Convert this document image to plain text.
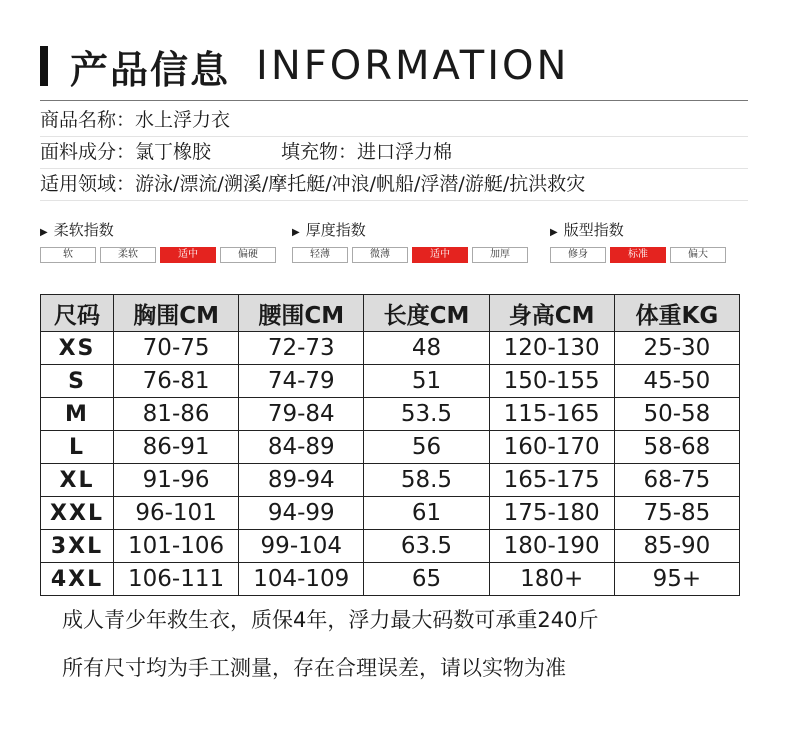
产品信息 INFORMATION
商品名称：水上浮力衣
面料成分：氯丁橡胶	填充物：进口浮力棉
适用领域：游泳/漂流/溯溪/摩托艇/冲浪/帆船/浮潜/游艇/抗洪救灾
▶ 柔软指数
软	柔软	适中	偏硬
▶ 厚度指数
轻薄	微薄	适中	加厚
▶ 版型指数
修身	标准	偏大
尺码	胸围CM	腰围CM	长度CM	身高CM	体重KG
XS	70-75	72-73	48	120-130	25-30
S	76-81	74-79	51	150-155	45-50
M	81-86	79-84	53.5	115-165	50-58
L	86-91	84-89	56	160-170	58-68
XL	91-96	89-94	58.5	165-175	68-75
XXL	96-101	94-99	61	175-180	75-85
3XL	101-106	99-104	63.5	180-190	85-90
4XL	106-111	104-109	65	180+	95+
成人青少年救生衣，质保4年，浮力最大码数可承重240斤
所有尺寸均为手工测量，存在合理误差，请以实物为准
